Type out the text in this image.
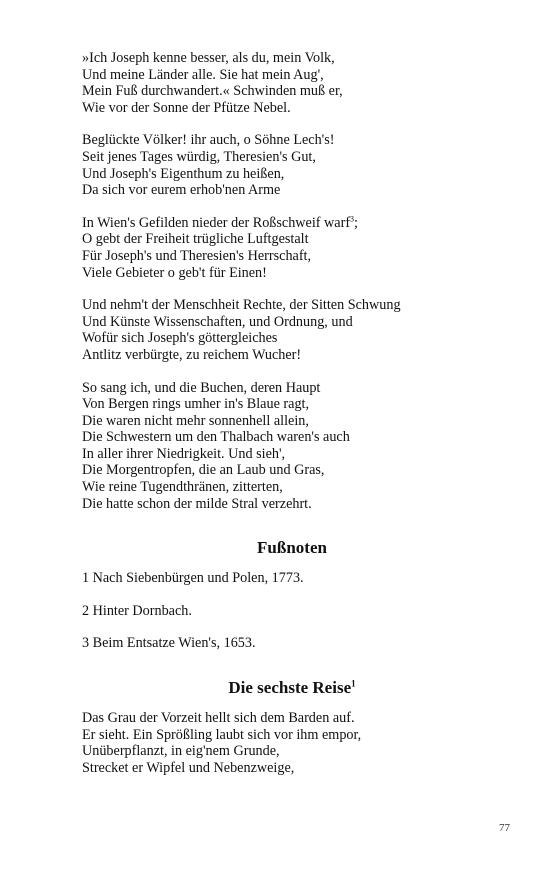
»Ich Joseph kenne besser, als du, mein Volk,
Und meine Länder alle. Sie hat mein Aug',
Mein Fuß durchwandert.« Schwinden muß er,
Wie vor der Sonne der Pfütze Nebel.
Beglückte Völker! ihr auch, o Söhne Lech's!
Seit jenes Tages würdig, Theresien's Gut,
Und Joseph's Eigenthum zu heißen,
Da sich vor eurem erhob'nen Arme
In Wien's Gefilden nieder der Roßschweif warf$^3$;
O gebt der Freiheit trügliche Luftgestalt
Für Joseph's und Theresien's Herrschaft,
Viele Gebieter o geb't für Einen!
Und nehm't der Menschheit Rechte, der Sitten Schwung
Und Künste Wissenschaften, und Ordnung, und
Wofür sich Joseph's göttergleiches
Antlitz verbürgte, zu reichem Wucher!
So sang ich, und die Buchen, deren Haupt
Von Bergen rings umher in's Blaue ragt,
Die waren nicht mehr sonnenhell allein,
Die Schwestern um den Thalbach waren's auch
In aller ihrer Niedrigkeit. Und sieh',
Die Morgentropfen, die an Laub und Gras,
Wie reine Tugendthränen, zitterten,
Die hatte schon der milde Stral verzehrt.
Fußnoten
1 Nach Siebenbürgen und Polen, 1773.
2 Hinter Dornbach.
3 Beim Entsatze Wien's, 1653.
Die sechste Reise$^1$
Das Grau der Vorzeit hellt sich dem Barden auf.
Er sieht. Ein Sprößling laubt sich vor ihm empor,
Unüberpflanzt, in eig'nem Grunde,
Strecket er Wipfel und Nebenzweige,
77
